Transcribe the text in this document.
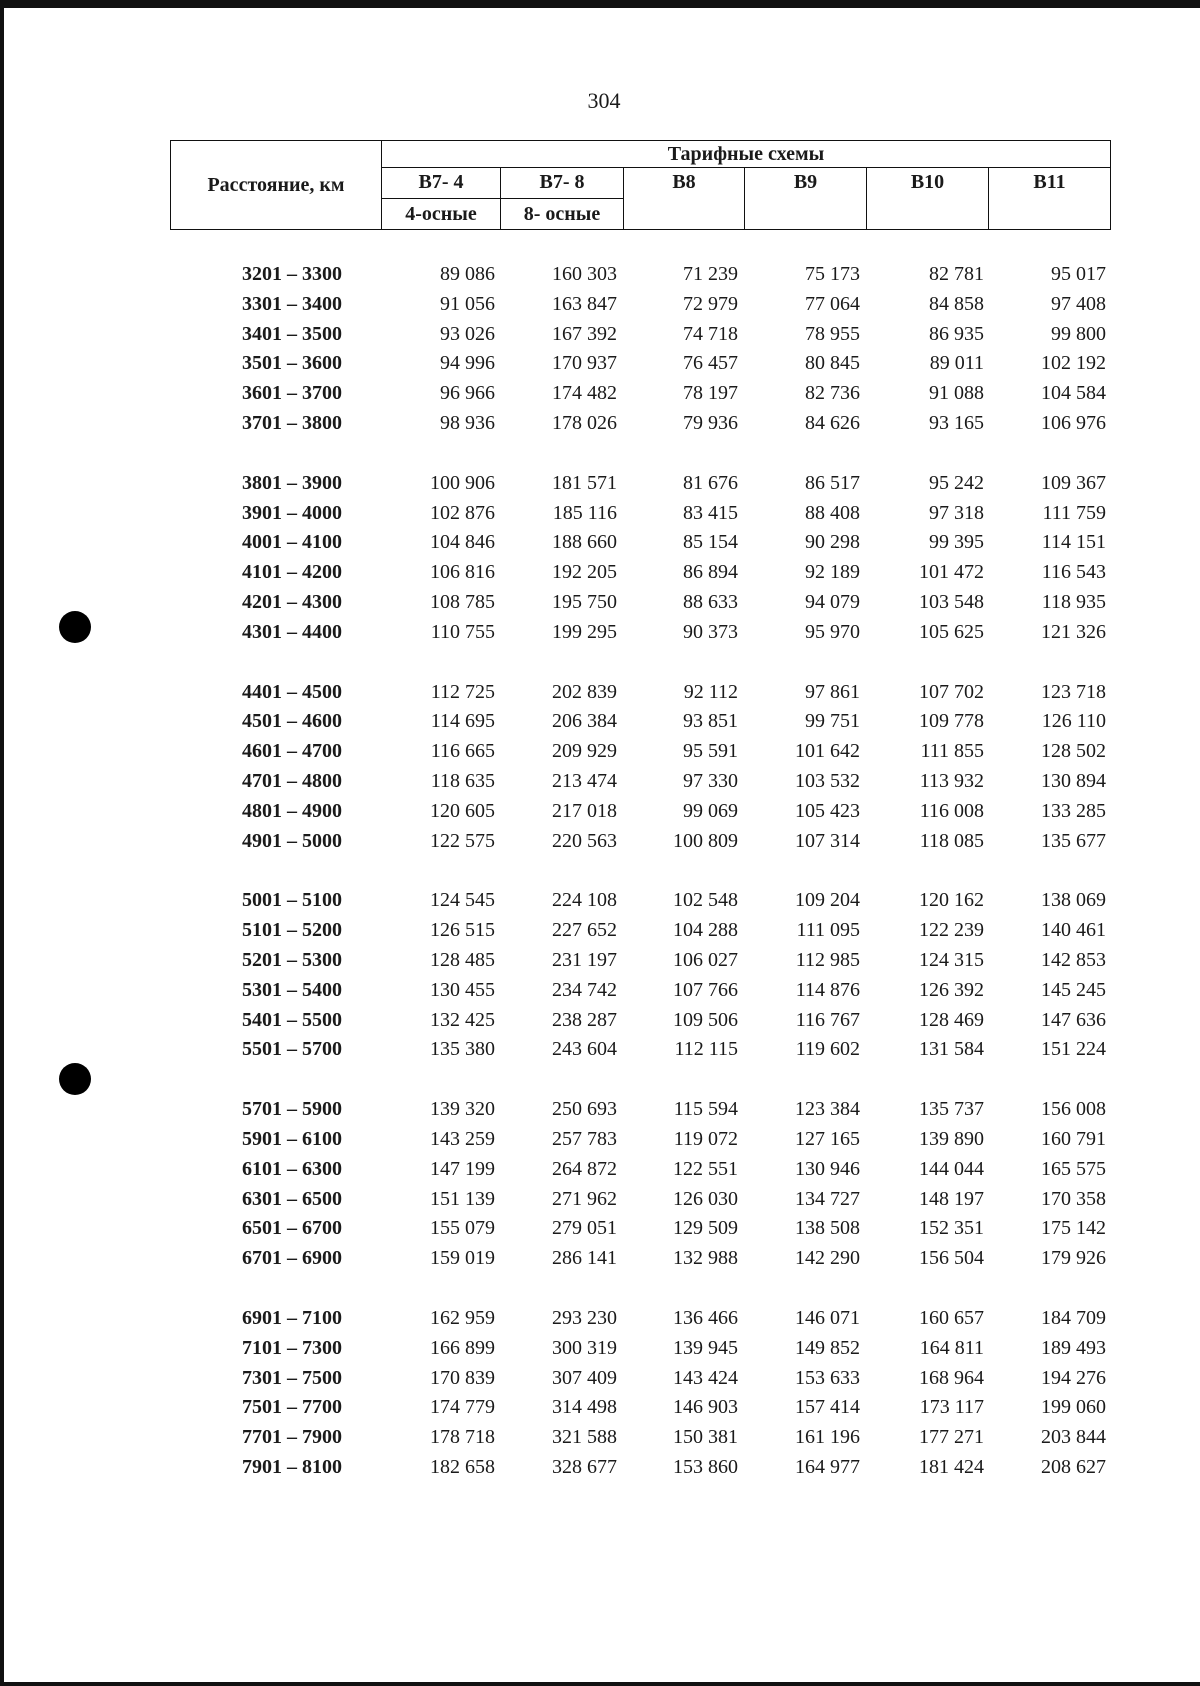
304
Расстояние, км	Тарифные схемы					
	В7- 4	В7- 8	В8	В9	В10	В11
	4-осные	8- осные				
3201 – 3300	89 086	160 303	71 239	75 173	82 781	95 017
3301 – 3400	91 056	163 847	72 979	77 064	84 858	97 408
3401 – 3500	93 026	167 392	74 718	78 955	86 935	99 800
3501 – 3600	94 996	170 937	76 457	80 845	89 011	102 192
3601 – 3700	96 966	174 482	78 197	82 736	91 088	104 584
3701 – 3800	98 936	178 026	79 936	84 626	93 165	106 976

3801 – 3900	100 906	181 571	81 676	86 517	95 242	109 367
3901 – 4000	102 876	185 116	83 415	88 408	97 318	111 759
4001 – 4100	104 846	188 660	85 154	90 298	99 395	114 151
4101 – 4200	106 816	192 205	86 894	92 189	101 472	116 543
4201 – 4300	108 785	195 750	88 633	94 079	103 548	118 935
4301 – 4400	110 755	199 295	90 373	95 970	105 625	121 326

4401 – 4500	112 725	202 839	92 112	97 861	107 702	123 718
4501 – 4600	114 695	206 384	93 851	99 751	109 778	126 110
4601 – 4700	116 665	209 929	95 591	101 642	111 855	128 502
4701 – 4800	118 635	213 474	97 330	103 532	113 932	130 894
4801 – 4900	120 605	217 018	99 069	105 423	116 008	133 285
4901 – 5000	122 575	220 563	100 809	107 314	118 085	135 677

5001 – 5100	124 545	224 108	102 548	109 204	120 162	138 069
5101 – 5200	126 515	227 652	104 288	111 095	122 239	140 461
5201 – 5300	128 485	231 197	106 027	112 985	124 315	142 853
5301 – 5400	130 455	234 742	107 766	114 876	126 392	145 245
5401 – 5500	132 425	238 287	109 506	116 767	128 469	147 636
5501 – 5700	135 380	243 604	112 115	119 602	131 584	151 224

5701 – 5900	139 320	250 693	115 594	123 384	135 737	156 008
5901 – 6100	143 259	257 783	119 072	127 165	139 890	160 791
6101 – 6300	147 199	264 872	122 551	130 946	144 044	165 575
6301 – 6500	151 139	271 962	126 030	134 727	148 197	170 358
6501 – 6700	155 079	279 051	129 509	138 508	152 351	175 142
6701 – 6900	159 019	286 141	132 988	142 290	156 504	179 926

6901 – 7100	162 959	293 230	136 466	146 071	160 657	184 709
7101 – 7300	166 899	300 319	139 945	149 852	164 811	189 493
7301 – 7500	170 839	307 409	143 424	153 633	168 964	194 276
7501 – 7700	174 779	314 498	146 903	157 414	173 117	199 060
7701 – 7900	178 718	321 588	150 381	161 196	177 271	203 844
7901 – 8100	182 658	328 677	153 860	164 977	181 424	208 627
